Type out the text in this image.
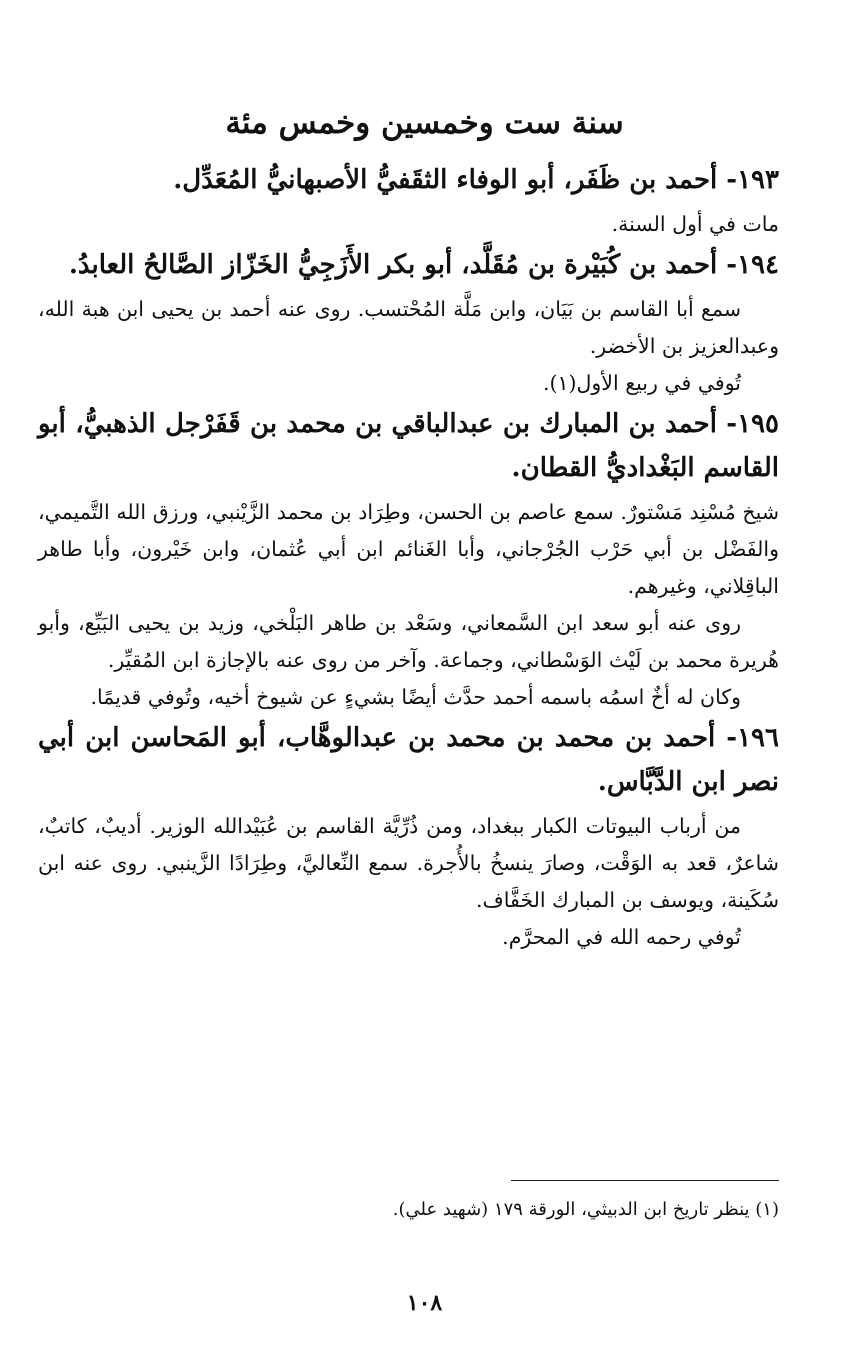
سنة ست وخمسين وخمس مئة

١٩٣- أحمد بن ظَفَر، أبو الوفاء الثقَفيُّ الأصبهانيُّ المُعَدِّل.

مات في أول السنة.

١٩٤- أحمد بن كُبَيْرة بن مُقَلَّد، أبو بكر الأَزَجِيُّ الخَزّاز الصَّالحُ العابدُ.

سمع أبا القاسم بن بَيَان، وابن مَلَّة المُحْتسب. روى عنه أحمد بن يحيى ابن هبة الله، وعبدالعزيز بن الأخضر.

تُوفي في ربيع الأول(١).

١٩٥- أحمد بن المبارك بن عبدالباقي بن محمد بن قَفَرْجل الذهبيُّ، أبو القاسم البَغْداديُّ القطان.

شيخ مُسْنِد مَسْتورٌ. سمع عاصم بن الحسن، وطِرَاد بن محمد الزَّيْنبي، ورزق الله التَّميمي، والفَضْل بن أبي حَرْب الجُرْجاني، وأبا الغَنائم ابن أبي عُثمان، وابن خَيْرون، وأبا طاهر الباقِلاني، وغيرهم.

روى عنه أبو سعد ابن السَّمعاني، وسَعْد بن طاهر البَلْخي، وزيد بن يحيى البَيِّع، وأبو هُريرة محمد بن لَيْث الوَسْطاني، وجماعة. وآخر من روى عنه بالإجازة ابن المُقيِّر.

وكان له أخٌ اسمُه باسمه أحمد حدَّث أيضًا بشيءٍ عن شيوخ أخيه، وتُوفي قديمًا.

١٩٦- أحمد بن محمد بن محمد بن عبدالوهَّاب، أبو المَحاسن ابن أبي نصر ابن الدَّبَّاس.

من أرباب البيوتات الكبار ببغداد، ومن ذُرِّيَّة القاسم بن عُبَيْدالله الوزير. أديبٌ، كاتبٌ، شاعرٌ، قعد به الوَقْت، وصارَ ينسخُ بالأُجرة. سمع النِّعاليَّ، وطِرَادًا الزَّينبي. روى عنه ابن سُكَينة، ويوسف بن المبارك الخَفَّاف.

تُوفي رحمه الله في المحرَّم.

(١) ينظر تاريخ ابن الدبيثي، الورقة ١٧٩ (شهيد علي).

١٠٨
